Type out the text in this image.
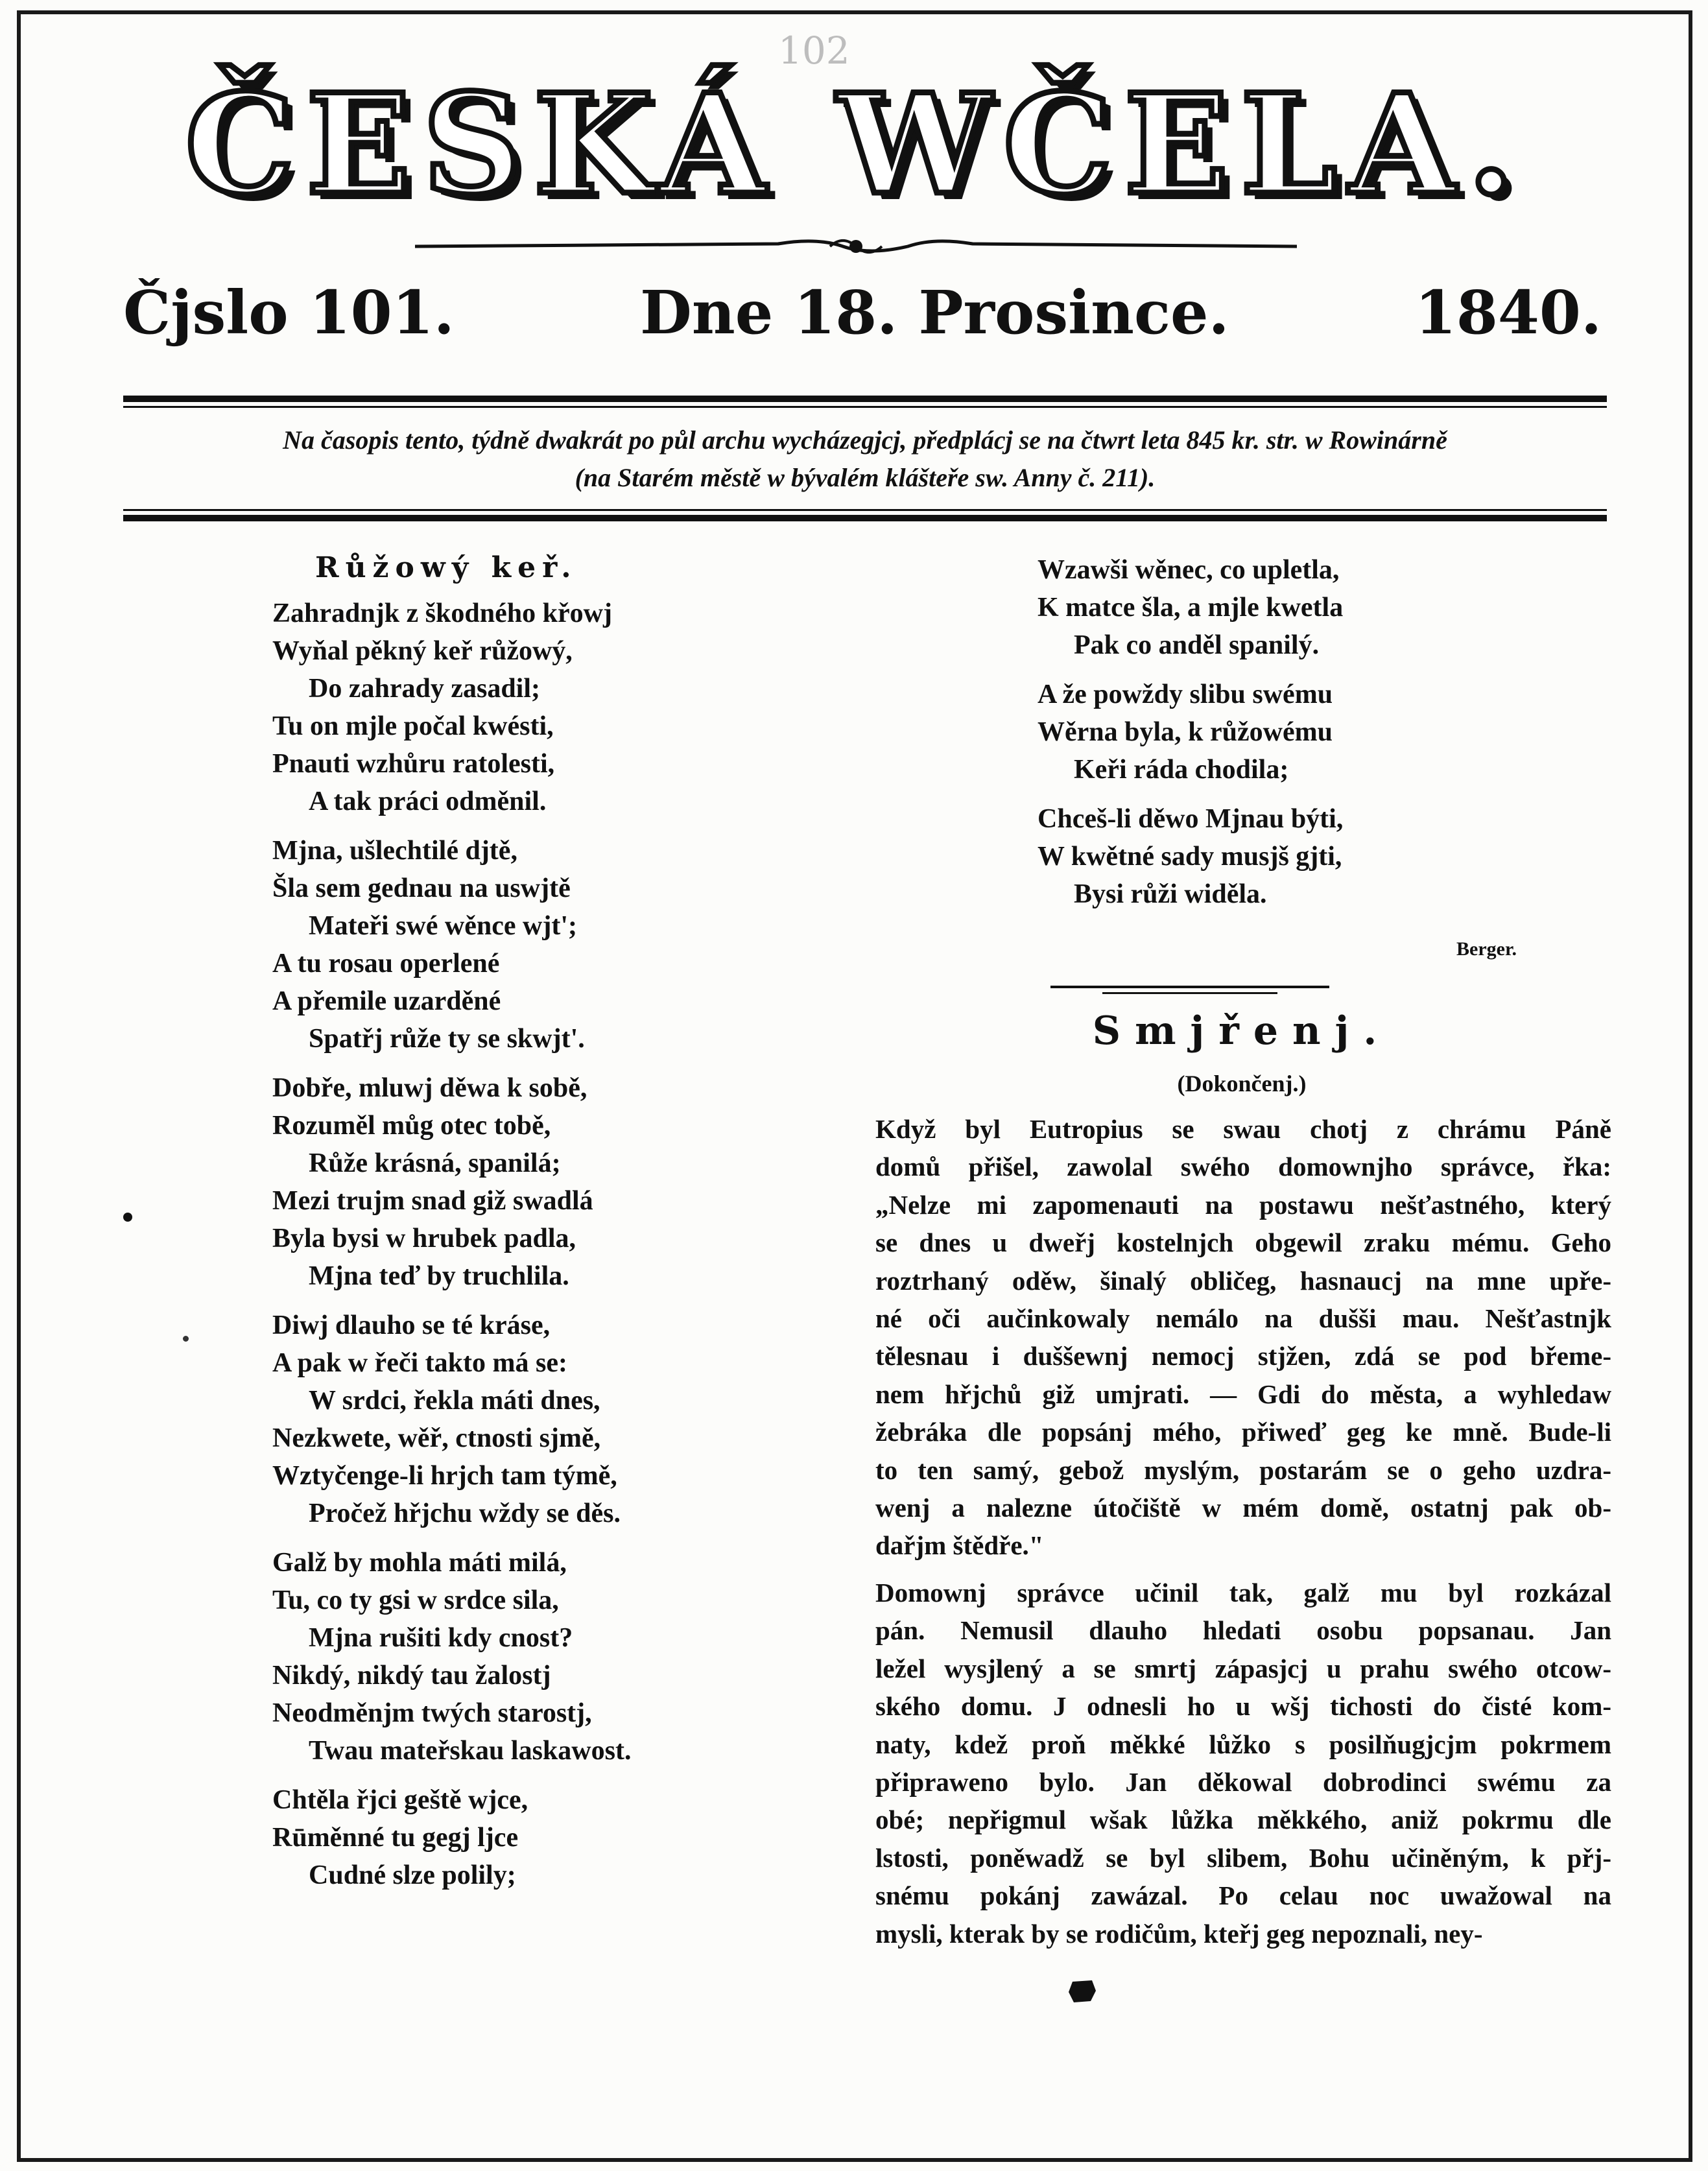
102
ČESKÁ WČELA.
Čjslo 101.	Dne 18. Prosince.	1840.
Na časopis tento, týdně dwakrát po půl archu wycházegjcj, předplácj se na čtwrt leta 845 kr. str. w Rowinárně
(na Starém městě w bývalém klášteře sw. Anny č. 211).
Růžowý keř.
Zahradnjk z škodného křowj
Wyňal pěkný keř růžowý,
Do zahrady zasadil;
Tu on mjle počal kwésti,
Pnauti wzhůru ratolesti,
A tak práci odměnil.
Mjna, ušlechtilé djtě,
Šla sem gednau na uswjtě
Mateři swé wěnce wjt';
A tu rosau operlené
A přemile uzarděné
Spatřj růže ty se skwjt'.
Dobře, mluwj děwa k sobě,
Rozuměl můg otec tobě,
Růže krásná, spanilá;
Mezi trujm snad giž swadlá
Byla bysi w hrubek padla,
Mjna teď by truchlila.
Diwj dlauho se té krásе,
A pak w řeči takto má se:
W srdci, řekla máti dnes,
Nezkwete, wěř, ctnosti sjmě,
Wztyčenge-li hrjch tam týmě,
Pročež hřjchu wždy se děs.
Galž by mohla máti milá,
Tu, co ty gsi w srdce sila,
Mjna rušiti kdy cnost?
Nikdý, nikdý tau žalostj
Neodměnjm twých starostj,
Twau mateřskau laskawost.
Chtěla řjci geště wjce,
Rūměnné tu gegj ljce
Cudné slze polily;
Wzawši wěnec, co upletla,
K matce šla, a mjle kwetla
Pak co anděl spanilý.
A že powždy slibu swému
Wěrna byla, k růžowému
Keři ráda chodila;
Chceš-li děwo Mjnau býti,
W kwětné sady musjš gjti,
Bysi růži widěla.
Berger.
Smjřenj.
(Dokončenj.)

Když byl Eutropius se swau chotj z chrámu Páně
domů přišel, zawolal swého domownjho správce, řka:
„Nelze mi zapomenauti na postawu nešťastného, který
se dnes u dweřj kostelnjch obgewil zraku mému. Geho
roztrhaný oděw, šinalý obličeg, hasnaucj na mne upře-
né oči aučinkowaly nemálo na dušši mau. Nešťastnjk
tělesnau i duššewnj nemocj stjžen, zdá se pod břeme-
nem hřjchů giž umjrati. — Gdi do města, a wyhledaw
žebráka dle popsánj mého, přiweď geg ke mně. Bude-li
to ten samý, gebož myslým, postarám se o geho uzdra-
wenj a naleznе útočiště w mém domě, ostatnj pak ob-
dařjm štědře."

Domownj správce učinil tak, galž mu byl rozkázal
pán. Nemusil dlauho hledati osobu popsanau. Jan
ležel wysjlený a se smrtj zápasjcj u prahu swého otcow-
ského domu. J odnesli ho u wšj tichosti do čisté kom-
naty, kdež proň měkké lůžko s posilňugjcjm pokrmem
připraweno bylo. Jan děkowal dobrodinci swému za
obé; nepřigmul wšak lůžka měkkého, aniž pokrmu dle
lstosti, poněwadž se byl slibem, Bohu učiněným, k přj-
snému pokánj zawázal. Po celau noc uwažowal na
mysli, kterak by se rodičům, kteřj geg nepoznali, ney-
